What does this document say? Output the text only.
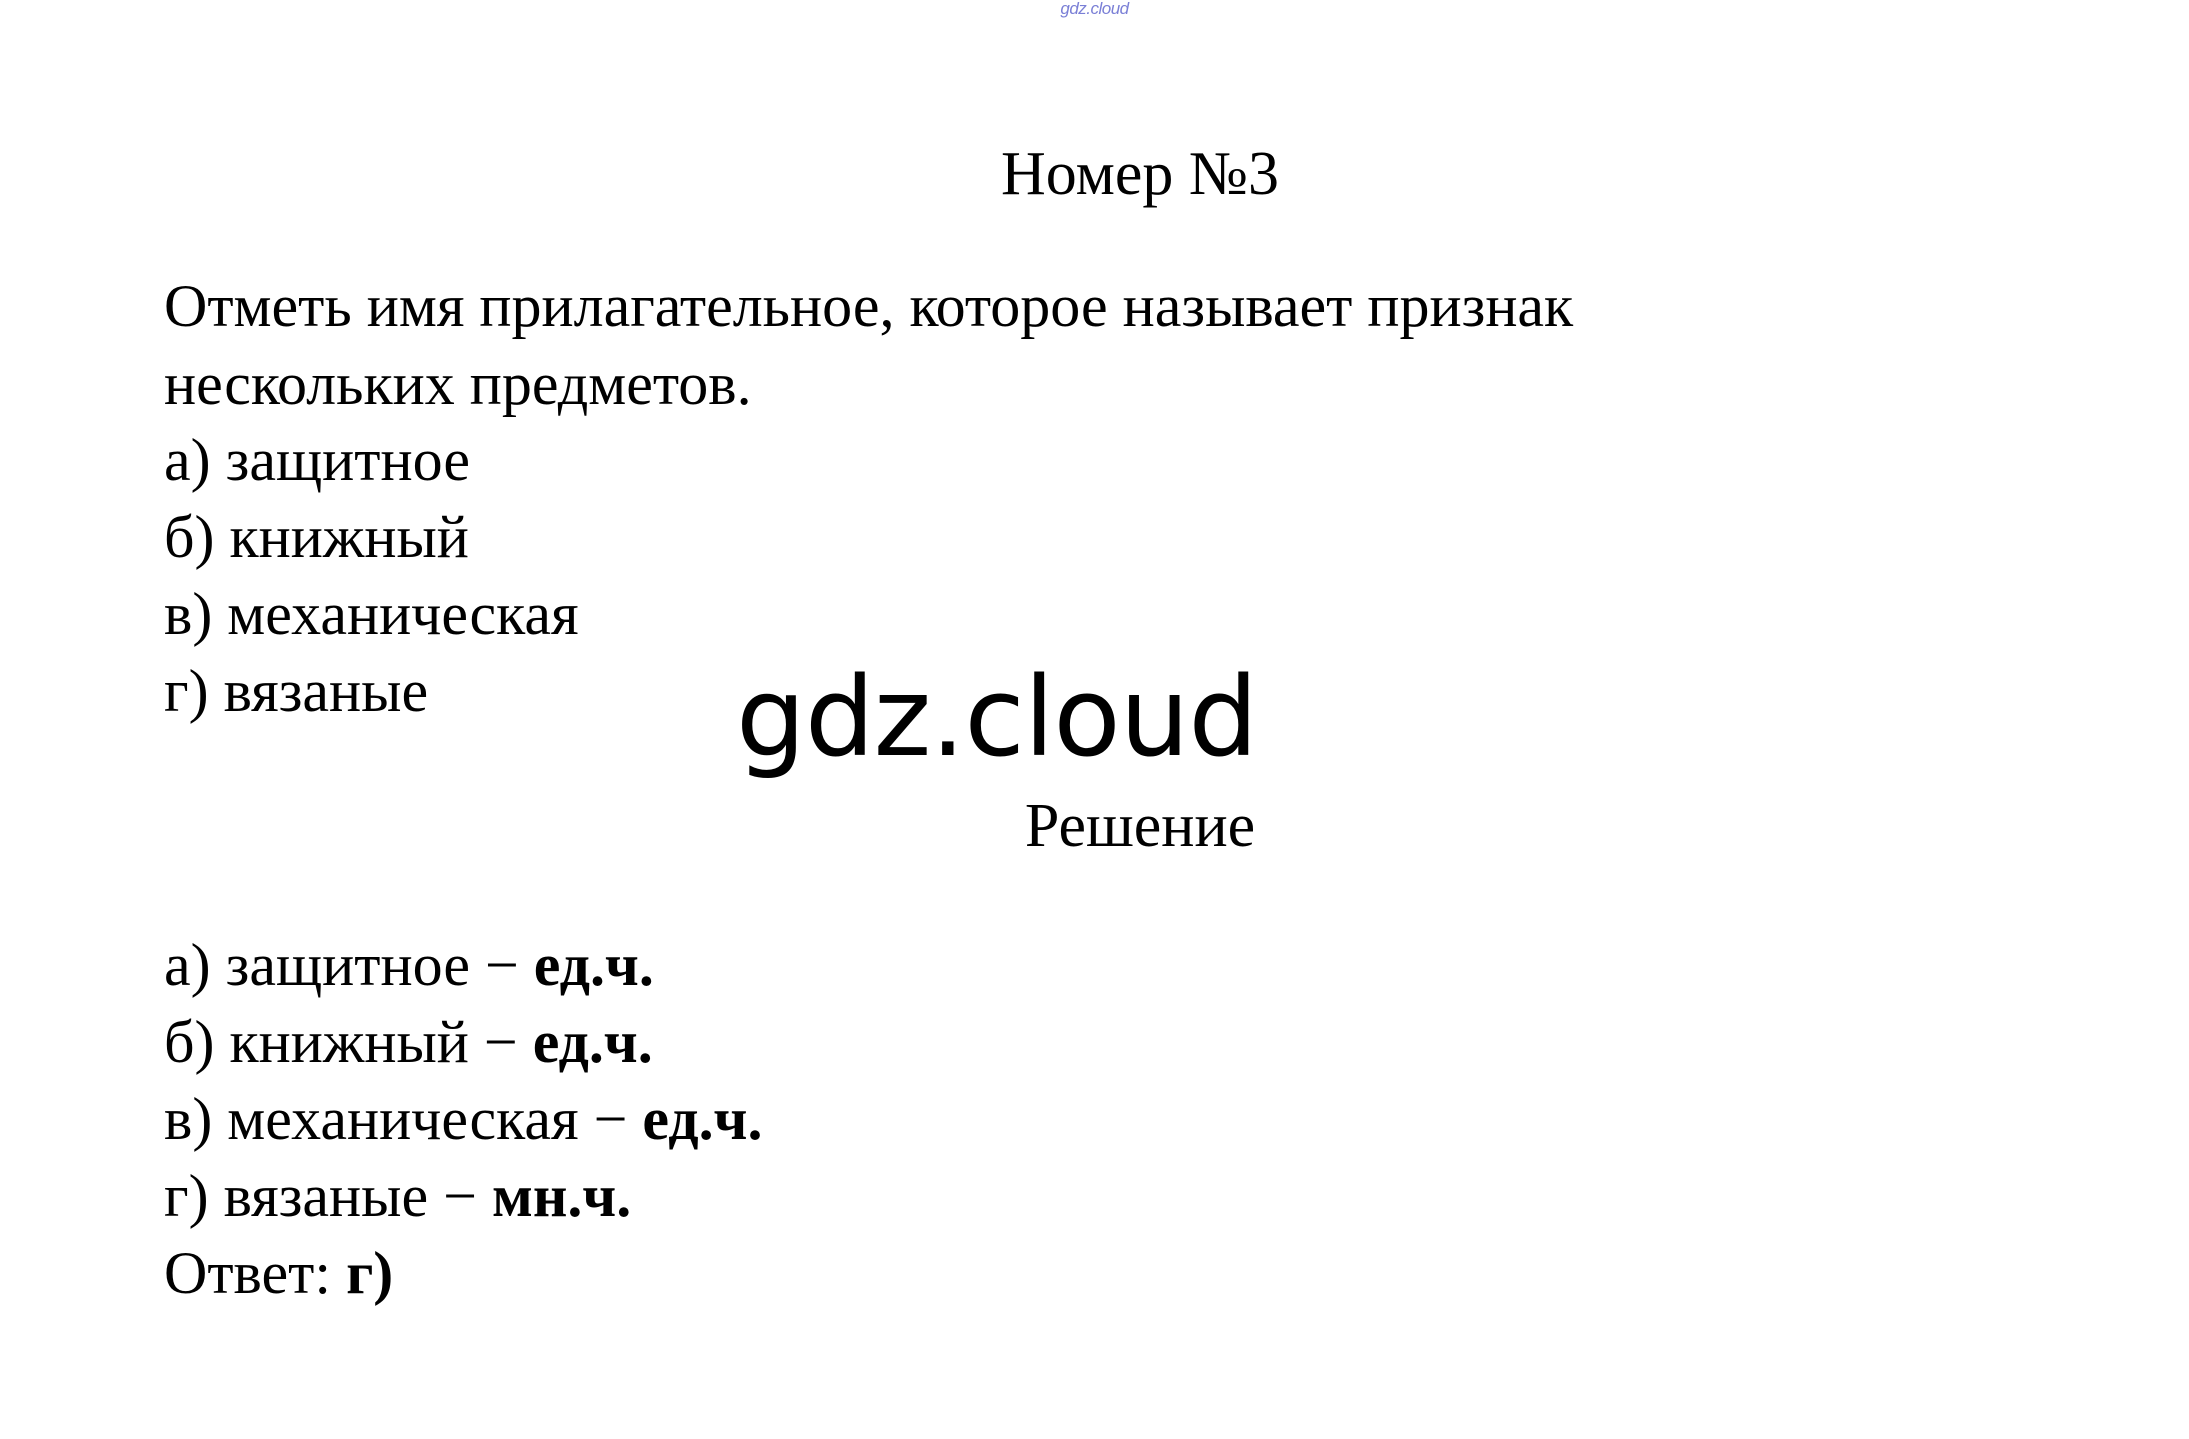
gdz.cloud
Номер №3
Отметь имя прилагательное, которое называет признак
нескольких предметов.
а) защитное
б) книжный
в) механическая
г) вязаные	gdz.cloud
Решение
а) защитное − ед.ч.
б) книжный − ед.ч.
в) механическая − ед.ч.
г) вязаные − мн.ч.
Ответ: г)
